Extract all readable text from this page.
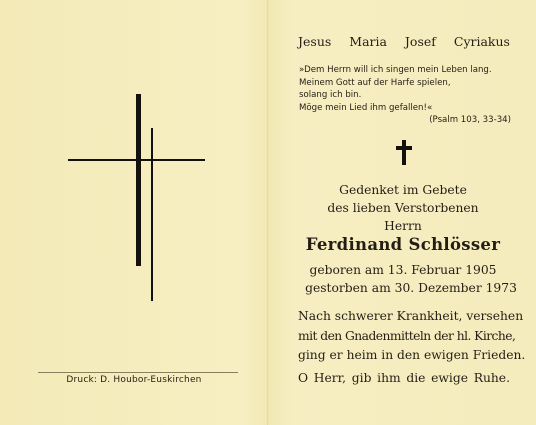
Druck: D. Houbor-Euskirchen
Jesus Maria Josef Cyriakus
»Dem Herrn will ich singen mein Leben lang.
Meinem Gott auf der Harfe spielen,
solang ich bin.
Möge mein Lied ihm gefallen!«
(Psalm 103, 33-34)
Gedenket im Gebete
des lieben Verstorbenen
Herrn
Ferdinand Schlösser
geboren am 13. Februar 1905
gestorben am 30. Dezember 1973
Nach schwerer Krankheit, versehen
mit den Gnadenmitteln der hl. Kirche,
ging er heim in den ewigen Frieden.
O Herr, gib ihm die ewige Ruhe.
